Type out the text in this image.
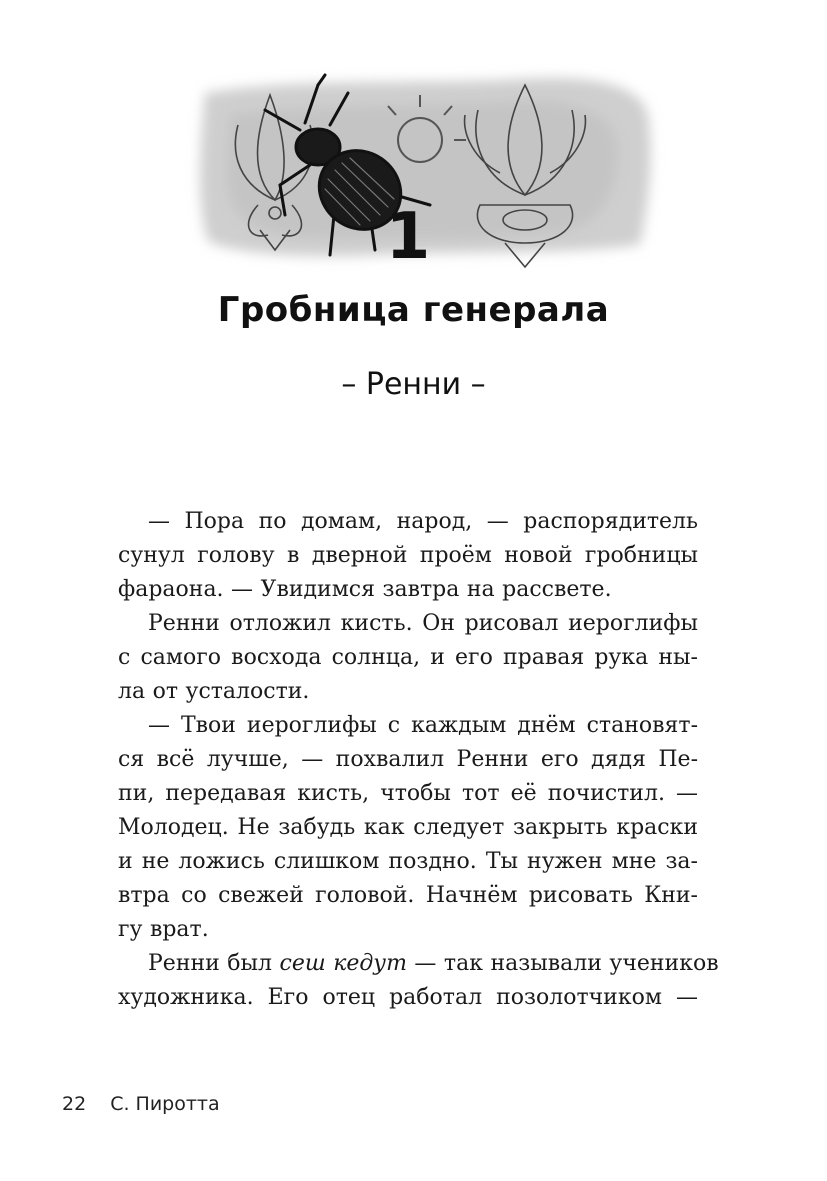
1
Гробница генерала

– Ренни –

— Пора по домам, народ, — распорядитель
сунул голову в дверной проём новой гробницы
фараона. — Увидимся завтра на рассвете.
Ренни отложил кисть. Он рисовал иероглифы
с самого восхода солнца, и его правая рука ны-
ла от усталости.
— Твои иероглифы с каждым днём становят-
ся всё лучше, — похвалил Ренни его дядя Пе-
пи, передавая кисть, чтобы тот её почистил. —
Молодец. Не забудь как следует закрыть краски
и не ложись слишком поздно. Ты нужен мне за-
втра со свежей головой. Начнём рисовать Кни-
гу врат.
Ренни был сеш кедут — так называли учеников
художника. Его отец работал позолотчиком —
22 С. Пиротта
